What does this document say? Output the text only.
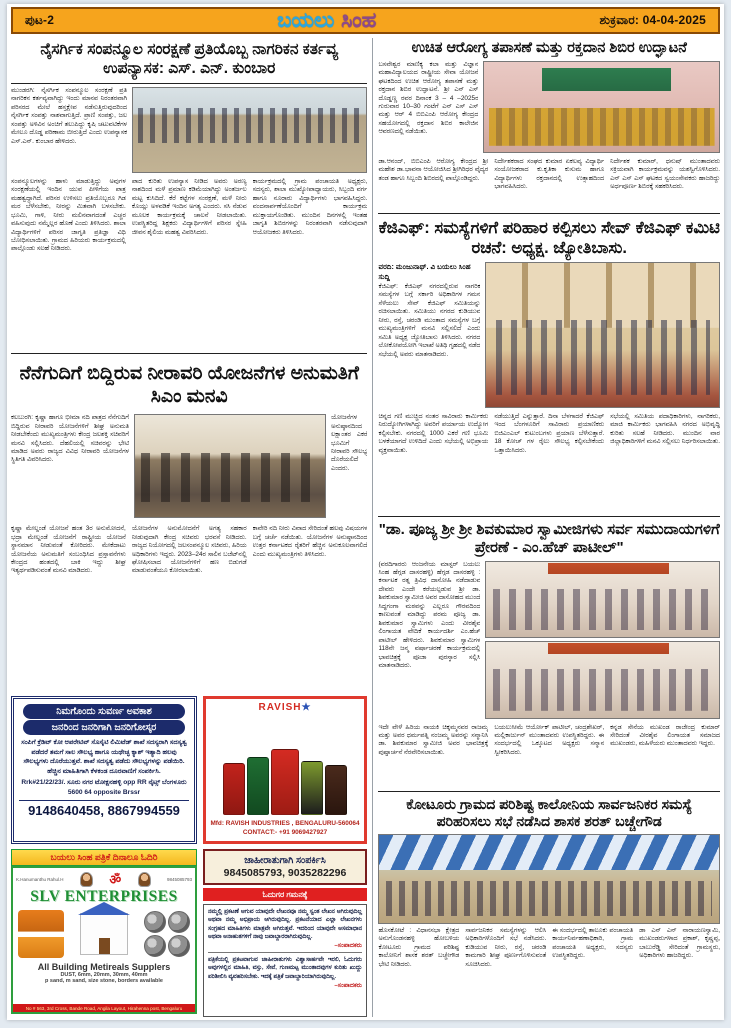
ಪುಟ-2	ಬಯಲು ಸಿಂಹ	ಶುಕ್ರವಾರ: 04-04-2025
ನೈಸರ್ಗಿಕ ಸಂಪನ್ಮೂಲ ಸಂರಕ್ಷಣೆ ಪ್ರತಿಯೊಬ್ಬ ನಾಗರಿಕನ ಕರ್ತವ್ಯ ಉಪನ್ಯಾಸಕ: ಎಸ್. ಎನ್. ಕುಂಬಾರ
ಮುಂಡರಗಿ: ನೈಸರ್ಗಿಕ ಸಂಪನ್ಮೂಲ ಸಂರಕ್ಷಣೆ ಪ್ರತಿ ನಾಗರಿಕನ ಕರ್ತವ್ಯವಾಗಿದ್ದು ಇಂದು ಮಾನವ ನಿರಂತರವಾಗಿ ಪರಿಸರದ ಮೇಲೆ ಹಸ್ತಕ್ಷೇಪ ನಡೆಸುತ್ತಿರುವುದರಿಂದ ನೈಸರ್ಗಿಕ ಸಂಪತ್ತು ನಾಶವಾಗುತ್ತಿದೆ. ಪ್ರಾಣಿ ಸಂಪತ್ತು, ಜಲ ಸಂಪತ್ತು ಅಳಿವಿನ ಅಂಚಿಗೆ ತಲುಪಿದ್ದು ಕೃಷಿ ಚಟುವಟಿಕೆಗಳ ಮೇಲೂ ದೊಡ್ಡ ಪರಿಣಾಮ ಬೀರುತ್ತಿದೆ ಎಂದು ಉಪನ್ಯಾಸಕ ಎಸ್.ಎನ್. ಕುಂಬಾರ ಹೇಳಿದರು.
ಸಂಪನ್ಮೂಲಗಳನ್ನು ಹಾಳು ಮಾಡುತ್ತಿದ್ದು ಅವುಗಳ ಸಂರಕ್ಷಣೆಯಲ್ಲಿ ಇಂದಿನ ಯುವ ಪೀಳಿಗೆಯ ಪಾತ್ರ ಮಹತ್ವದ್ದಾಗಿದೆ. ಪರಿಸರ ಉಳಿಸಲು ಪ್ರತಿಯೊಬ್ಬರೂ ಗಿಡ ಮರ ಬೆಳೆಸಬೇಕು, ನೀರನ್ನು ಮಿತವಾಗಿ ಬಳಸಬೇಕು. ಭೂಮಿ, ಗಾಳಿ, ನೀರು ಮಲಿನವಾಗದಂತೆ ಎಚ್ಚರ ವಹಿಸುವುದು ನಮ್ಮೆಲ್ಲರ ಹೊಣೆ ಎಂದು ತಿಳಿಸಿದರು. ಶಾಲಾ ವಿದ್ಯಾರ್ಥಿಗಳಿಗೆ ಪರಿಸರ ಜಾಗೃತಿ ಪ್ರತಿಜ್ಞಾ ವಿಧಿ ಬೋಧಿಸಲಾಯಿತು. ಗ್ರಾಮದ ಹಿರಿಯರು ಕಾರ್ಯಕ್ರಮದಲ್ಲಿ ಪಾಲ್ಗೊಂಡು ಸಲಹೆ ನೀಡಿದರು.
ಪಾದ ಕುರಿತು ಉಪನ್ಯಾಸ ನೀಡಿದ ಅವರು ಅರಣ್ಯ ನಾಶದಿಂದ ಮಳೆ ಪ್ರಮಾಣ ಕಡಿಮೆಯಾಗಿದ್ದು ಅಂತರ್ಜಲ ಮಟ್ಟ ಕುಸಿದಿದೆ. ಕೆರೆ ಕಟ್ಟೆಗಳ ಸಂರಕ್ಷಣೆ, ಮಳೆ ನೀರು ಕೊಯ್ಲು ಅಳವಡಿಕೆ ಇಂದಿನ ಅಗತ್ಯ ಎಂದರು. ಸಸಿ ನೆಡುವ ಮೂಲಕ ಕಾರ್ಯಕ್ರಮಕ್ಕೆ ಚಾಲನೆ ನೀಡಲಾಯಿತು. ಉಪಸ್ಥಿತರಿದ್ದ ಶಿಕ್ಷಕರು ವಿದ್ಯಾರ್ಥಿಗಳಿಗೆ ಪರಿಸರ ಸ್ನೇಹಿ ಜೀವನ ಶೈಲಿಯ ಮಹತ್ವ ವಿವರಿಸಿದರು.
ಕಾರ್ಯಕ್ರಮದಲ್ಲಿ ಗ್ರಾಮ ಪಂಚಾಯತಿ ಅಧ್ಯಕ್ಷರು, ಸದಸ್ಯರು, ಶಾಲಾ ಮುಖ್ಯೋಪಾಧ್ಯಾಯರು, ಸಿಬ್ಬಂದಿ ವರ್ಗ ಹಾಗೂ ನೂರಾರು ವಿದ್ಯಾರ್ಥಿಗಳು ಭಾಗವಹಿಸಿದ್ದರು. ವಂದನಾರ್ಪಣೆಯೊಂದಿಗೆ ಕಾರ್ಯಕ್ರಮ ಮುಕ್ತಾಯಗೊಂಡಿತು. ಮುಂದಿನ ದಿನಗಳಲ್ಲಿ ಇಂತಹ ಜಾಗೃತಿ ಶಿಬಿರಗಳನ್ನು ನಿರಂತರವಾಗಿ ನಡೆಸುವುದಾಗಿ ಆಯೋಜಕರು ತಿಳಿಸಿದರು.
ನೆನೆಗುದಿಗೆ ಬಿದ್ದಿರುವ ನೀರಾವರಿ ಯೋಜನೆಗಳ ಅನುಮತಿಗೆ ಸಿಎಂ ಮನವಿ
ಕಲಬುರಗಿ: ಕೃಷ್ಣಾ ಹಾಗೂ ಭೀಮಾ ನದಿ ಪಾತ್ರದ ನೆನೆಗುದಿಗೆ ಬಿದ್ದಿರುವ ನೀರಾವರಿ ಯೋಜನೆಗಳಿಗೆ ಶೀಘ್ರ ಅನುಮತಿ ನೀಡಬೇಕೆಂದು ಮುಖ್ಯಮಂತ್ರಿಗಳು ಕೇಂದ್ರ ಜಲಶಕ್ತಿ ಸಚಿವರಿಗೆ ಮನವಿ ಸಲ್ಲಿಸಿದರು. ದೆಹಲಿಯಲ್ಲಿ ಸಚಿವರನ್ನು ಭೇಟಿ ಮಾಡಿದ ಅವರು ರಾಜ್ಯದ ವಿವಿಧ ನೀರಾವರಿ ಯೋಜನೆಗಳ ಸ್ಥಿತಿಗತಿ ವಿವರಿಸಿದರು.
ಯೋಜನೆಗಳ ಅನುಷ್ಠಾನದಿಂದ ಲಕ್ಷಾಂತರ ಎಕರೆ ಭೂಮಿಗೆ ನೀರಾವರಿ ಸೌಲಭ್ಯ ದೊರೆಯಲಿದೆ ಎಂದರು.
ಕೃಷ್ಣಾ ಮೇಲ್ದಂಡೆ ಯೋಜನೆ ಹಂತ 3ರ ಅನುಮೋದನೆ, ಭದ್ರಾ ಮೇಲ್ದಂಡೆ ಯೋಜನೆಗೆ ರಾಷ್ಟ್ರೀಯ ಯೋಜನೆ ಸ್ಥಾನಮಾನ ನೀಡುವಂತೆ ಕೋರಿದರು. ಮೇಕೆದಾಟು ಯೋಜನೆಯ ಅನುಮತಿಗೆ ಸಂಬಂಧಿಸಿದ ಪ್ರಸ್ತಾವನೆಗಳು ಕೇಂದ್ರದ ಹಂತದಲ್ಲಿ ಬಾಕಿ ಇದ್ದು ಶೀಘ್ರ ಇತ್ಯರ್ಥಪಡಿಸುವಂತೆ ಮನವಿ ಮಾಡಿದರು.
ಯೋಜನೆಗಳ ಅನುಮೋದನೆಗೆ ಅಗತ್ಯ ಸಹಕಾರ ನೀಡುವುದಾಗಿ ಕೇಂದ್ರ ಸಚಿವರು ಭರವಸೆ ನೀಡಿದರು. ರಾಜ್ಯದ ನಿಯೋಗದಲ್ಲಿ ಜಲಸಂಪನ್ಮೂಲ ಸಚಿವರು, ಹಿರಿಯ ಅಧಿಕಾರಿಗಳು ಇದ್ದರು. 2023–24ರ ಸಾಲಿನ ಬಜೆಟ್‌ನಲ್ಲಿ ಘೋಷಿಸಲಾದ ಯೋಜನೆಗಳಿಗೆ ಹಣ ಬಿಡುಗಡೆ ಮಾಡುವಂತೆಯೂ ಕೋರಲಾಯಿತು.
ಕಾವೇರಿ ನದಿ ನೀರು ವಿವಾದ ಸೇರಿದಂತೆ ಹಲವು ವಿಷಯಗಳ ಬಗ್ಗೆ ಚರ್ಚೆ ನಡೆಯಿತು. ಯೋಜನೆಗಳ ಅನುಷ್ಠಾನದಿಂದ ಉತ್ತರ ಕರ್ನಾಟಕದ ರೈತರಿಗೆ ಹೆಚ್ಚಿನ ಅನುಕೂಲವಾಗಲಿದೆ ಎಂದು ಮುಖ್ಯಮಂತ್ರಿಗಳು ತಿಳಿಸಿದರು.
ನಿಮಗೊಂದು ಸುವರ್ಣ ಅವಕಾಶ
ಜನರಿಂದ ಜನರಿಗಾಗಿ ಜನರಿಗೋಸ್ಕರ
ಸಂಪಿಗೆ ಕ್ರೆಡಿಟ್ ಕೋ ಆಪರೇಟಿವ್ ಸೊಸೈಟಿ ಲಿಮಿಟೆಡ್ ಶಾಖೆ ಸದಸ್ಯರಾಗಿ ಸದಸ್ಯತ್ವ ಪಡೆದರೆ ತಮಗೆ ಸಾಲ ಸೌಲಭ್ಯ ಹಾಗೂ ಯಥೇಚ್ಛ ಕ್ಯಾಶ್ ಇತ್ಯಾದಿ ಹಲವು ಸೌಲಭ್ಯಗಳು ದೊರೆಯುತ್ತವೆ. ಶಾಖೆ ಸದಸ್ಯತ್ವ ಪಡೆದು ಸೌಲಭ್ಯಗಳನ್ನು ಪಡೆಯಿರಿ. ಹೆಚ್ಚಿನ ಮಾಹಿತಿಗಾಗಿ ಕೆಳಕಂಡ ದೂರವಾಣಿಗೆ ಸಂಪರ್ಕಿಸಿ.
Rrk#21/22/23/. ಸೂರು ನಗರ ಟೋಕ್ಷನಹಳ್ಳಿ opp RR ನೈಟ್ಸ್ ಬೆಂಗಳೂರು 5600 64 opposite Brssr
9148640458, 8867994559
RAVISH★
Mfd: RAVISH INDUSTRIES , BENGALURU-560064
CONTACT:- +91 9069427927
ಬಯಲು ಸಿಂಹ ಪತ್ರಿಕೆ ದಿನಾಲೂ ಓದಿರಿ
K.Hanumanthu Rahul.H	ॐ	9845085793
SLV ENTERPRISES
All Building Metireals Supplers
DUST, 6mm, 20mm, 30mm, 40mm
p sand, m sand, size stone, borders available
No # 563, 3rd Cross, Bande Road, Angila Layout, Hirahenna post, Bengaluru
ಜಾಹೀರಾತುಗಾಗಿ ಸಂಪರ್ಕಿಸಿ
9845085793, 9035282296
ಓದುಗರ ಗಮನಕ್ಕೆ

ನಮ್ಮಲ್ಲಿ ಪ್ರಕಟಣೆ ಆಗುವ ಯಾವುದೇ ಲೇಖನವೂ ನಮ್ಮ ಸ್ವಂತ ಲೇಖನ ಆಗಿರುವುದಿಲ್ಲ ಅಥವಾ ನಮ್ಮ ಅಭಿಪ್ರಾಯ ಆಗಿರುವುದಿಲ್ಲ. ಪ್ರಕಟನೆಯಾದ ಎಲ್ಲಾ ಲೇಖನಗಳು ಸಂಗ್ರಹದ ಮಾಹಿತಿಗಳು ಮಾತ್ರವೇ ಆಗಿರುತ್ತವೆ. ಇದರಿಂದ ಯಾವುದೇ ಅಸಮಾಧಾನ ಅಥವಾ ಅನಾಹುತಗಳಿಗೆ ನಾವು ಜವಾಬ್ದಾರರಾಗಿರುವುದಿಲ್ಲ.

–ಸಂಪಾದಕರು

ಪತ್ರಿಕೆಯಲ್ಲಿ ಪ್ರಕಟವಾಗುವ ಜಾಹೀರಾತುಗಳು ವಿಶ್ವಾಸಾರ್ಹವೇ ಇರಲಿ, ಓದುಗರು ಅವುಗಳಲ್ಲಿನ ಮಾಹಿತಿ, ವಸ್ತು, ಸೇವೆ, ಗುಣಮಟ್ಟ ಮುಂತಾದವುಗಳ ಕುರಿತು ಖುದ್ದು ಪರಿಶೀಲಿಸಿ ವ್ಯವಹರಿಸಬೇಕು. ಇದಕ್ಕೆ ಪತ್ರಿಕೆ ಜವಾಬ್ದಾರಿಯಾಗಿರುವುದಿಲ್ಲ.

–ಸಂಪಾದಕರು
ಉಚಿತ ಆರೋಗ್ಯ ತಪಾಸಣೆ ಮತ್ತು ರಕ್ತದಾನ ಶಿಬಿರ ಉದ್ಘಾಟನೆ
ಬಸವೇಶ್ವರ ಮಾಣಿಕ್ಯ ಕಲಾ ಮತ್ತು ವಿಜ್ಞಾನ ಮಹಾವಿದ್ಯಾಲಯದ ರಾಷ್ಟ್ರೀಯ ಸೇವಾ ಯೋಜನೆ ಘಟಕದಿಂದ ಉಚಿತ ಆರೋಗ್ಯ ತಪಾಸಣೆ ಮತ್ತು ರಕ್ತದಾನ ಶಿಬಿರ ಉದ್ಘಾಟನೆ. ಶ್ರೀ ಎನ್ ಎಸ್ ದೊಡ್ಡಣ್ಣ ರವರ ದಿನಾಂಕ 3 – 4 –2025ರ ಗುರುವಾರ 10–30 ಗಂಟೆಗೆ ಎನ್ ಎಸ್ ಎಸ್ ಮತ್ತು ಆರ್ 4 ಬಿಬಿಎಂಪಿ ಆರೋಗ್ಯ ಕೇಂದ್ರದ ಸಹಯೋಗದಲ್ಲಿ ರಕ್ತದಾನ ಶಿಬಿರ ಕಾಲೇಜಿನ ಆವರಣದಲ್ಲಿ ನಡೆಯಿತು.
ಡಾ.ಆನಂದ್, ಬಿಬಿಎಂಪಿ ಆರೋಗ್ಯ ಕೇಂದ್ರದ ಶ್ರೀ ಮಹೇಶ ಡಾ.ಭಾವನಾ ಆಯೋಜಿಸಿದ ಶ್ರೀಗಿರಿಧರ ವೈದ್ಯರ ತಂಡ ಹಾಗೂ ಸಿಬ್ಬಂದಿ ಶಿಬಿರದಲ್ಲಿ ಪಾಲ್ಗೊಂಡಿದ್ದರು.
ನಿರ್ದೇಶಕರಾದ ಸಂಘದ ಕುಮಾರ ಏಕಲವ್ಯ ವಿದ್ಯಾರ್ಥಿ ಸಂಯೋಜಕರಾದ ಕು.ಕೃತಿಕಾ ಕುಸುಮ ಹಾಗೂ ವಿದ್ಯಾರ್ಥಿಗಳು ರಕ್ತದಾನದಲ್ಲಿ ಉತ್ಸಾಹದಿಂದ ಭಾಗವಹಿಸಿದರು.
ನಿರ್ದೇಶಕ ಕುಮಾರ್, ಧನುಷ್ ಮುಂತಾದವರು ಸಕ್ರಿಯವಾಗಿ ಕಾರ್ಯಕ್ರಮವನ್ನು ಯಶಸ್ವಿಗೊಳಿಸಿದರು. ಎನ್ ಎಸ್ ಎಸ್ ಘಟಕದ ಸ್ವಯಂಸೇವಕರು ಹಾಜರಿದ್ದು ಅರ್ಧಪೂರ್ಣ ಶಿಬಿರಕ್ಕೆ ಸಹಕರಿಸಿದರು.
ಕೆಜಿಎಫ್: ಸಮಸ್ಯೆಗಳಿಗೆ ಪರಿಹಾರ ಕಲ್ಪಿಸಲು ಸೇವ್ ಕೆಜಿಎಫ್ ಕಮಿಟಿ ರಚನೆ: ಅಧ್ಯಕ್ಷ. ಜ್ಯೋತಿಬಾಸು.
ವರದಿ: ಮಂಜುನಾಥ್. ವಿ ಬಯಲು ಸಿಂಹ ಸುದ್ದಿ
ಕೆಜಿಎಫ್: ಕೆಜಿಎಫ್ ನಗರದಲ್ಲಿರುವ ನಾಗರಿಕ ಸಮಸ್ಯೆಗಳ ಬಗ್ಗೆ ಸರ್ಕಾರಿ ಅಧಿಕಾರಿಗಳ ಗಮನ ಸೆಳೆಯಲು ಸೇವ್ ಕೆಜಿಎಫ್ ಸಮಿತಿಯನ್ನು ರಚಿಸಲಾಯಿತು. ಸಮಿತಿಯು ನಗರದ ಕುಡಿಯುವ ನೀರು, ರಸ್ತೆ, ಚರಂಡಿ ಮುಂತಾದ ಸಮಸ್ಯೆಗಳ ಬಗ್ಗೆ ಮುಖ್ಯಮಂತ್ರಿಗಳಿಗೆ ಮನವಿ ಸಲ್ಲಿಸಲಿದೆ ಎಂದು ಸಮಿತಿ ಅಧ್ಯಕ್ಷ ಜ್ಯೋತಿಬಾಸು ತಿಳಿಸಿದರು. ನಗರದ ಲೋಕೋಪಯೋಗಿ ಇಲಾಖೆ ಅತಿಥಿ ಗೃಹದಲ್ಲಿ ನಡೆದ ಸಭೆಯಲ್ಲಿ ಅವರು ಮಾತನಾಡಿದರು.
ಚಿನ್ನದ ಗಣಿ ಮುಚ್ಚಿದ ನಂತರ ಸಾವಿರಾರು ಕಾರ್ಮಿಕರು ನಿರುದ್ಯೋಗಿಗಳಾಗಿದ್ದು ಅವರಿಗೆ ಪರ್ಯಾಯ ಉದ್ಯೋಗ ಕಲ್ಪಿಸಬೇಕು. ನಗರದಲ್ಲಿ 1000 ಎಕರೆ ಗಣಿ ಭೂಮಿ ಬಳಕೆಯಾಗದೆ ಉಳಿದಿದೆ ಎಂದು ಸಭೆಯಲ್ಲಿ ಅಭಿಪ್ರಾಯ ವ್ಯಕ್ತವಾಯಿತು.
ನಡೆಯುತ್ತಿದೆ ಎನ್ನುತ್ತಾರೆ. ದಿನಾ ಬೆಳಗಾದರೆ ಕೆಜಿಎಫ್ ಇಂದ ಬೆಂಗಳೂರಿಗೆ ಸಾವಿರಾರು ಪ್ರಯಾಣಿಕರು ಬಿಜಿಎಂಎಲ್ ಕುಟುಂಬಗಳು ಪ್ರಯಾಣ ಬೆಳೆಸುತ್ತಾರೆ. 18 ಕೋಚ್ ಗಳ ರೈಲು ಸೌಲಭ್ಯ ಕಲ್ಪಿಸಬೇಕೆಂದು ಒತ್ತಾಯಿಸಿದರು.
ಸಭೆಯಲ್ಲಿ ಸಮಿತಿಯ ಪದಾಧಿಕಾರಿಗಳು, ನಾಗರಿಕರು, ಮಾಜಿ ಕಾರ್ಮಿಕರು ಭಾಗವಹಿಸಿ ನಗರದ ಅಭಿವೃದ್ಧಿ ಕುರಿತು ಸಲಹೆ ನೀಡಿದರು. ಮುಂದಿನ ವಾರ ಜಿಲ್ಲಾಧಿಕಾರಿಗಳಿಗೆ ಮನವಿ ಸಲ್ಲಿಸಲು ನಿರ್ಧರಿಸಲಾಯಿತು.
"ಡಾ. ಪೂಜ್ಯ ಶ್ರೀ ಶ್ರೀ ಶಿವಕುಮಾರ ಸ್ವಾಮೀಜಿಗಳು ಸರ್ವ ಸಮುದಾಯಗಳಿಗೆ ಪ್ರೇರಣೆ - ಎಂ.ಹೆಚ್ ಪಾಟೀಲ್"
(ವರದಿಗಾರರು ಆಂಜನೇಯ ಮಾಸ್ಟರ್ ಬಯಲು ಸಿಂಹ ಹೆಗ್ಗಡ ದಾಸರಹಳ್ಳಿ) ಹೆಗ್ಗಡ ದಾಸರಹಳ್ಳಿ : ಕರ್ನಾಟಕ ರತ್ನ ತ್ರಿವಿಧ ದಾಸೋಹಿ ನಡೆದಾಡುವ ದೇವರು ಎಂದೇ ಕರೆಯಲ್ಪಡುವ ಶ್ರೀ ಡಾ. ಶಿವಕುಮಾರ ಸ್ವಾಮೀಜಿ ಅವರ ದಾಸೋಹದ ಮುಂದೆ ಸಿದ್ಧಗಂಗಾ ಮಠವನ್ನು ಎಲ್ಲರೂ ಗೌರವದಿಂದ ಕಾಣುವಂತೆ ಮಾಡಿದ್ದು ಪರಮ ಪೂಜ್ಯ ಡಾ. ಶಿವಕುಮಾರ ಸ್ವಾಮಿಗಳು ಎಂದು ವೀರಶೈವ ಲಿಂಗಾಯತ ವೇದಿಕೆ ಕಾರ್ಯದರ್ಶಿ ಎಂ.ಹೆಚ್ ಪಾಟೀಲ್ ಹೇಳಿದರು. ಶಿವಕುಮಾರ ಸ್ವಾಮಿಗಳ 118ನೇ ಜನ್ಮ ವರ್ಷಾಚರಣೆ ಕಾರ್ಯಕ್ರಮದಲ್ಲಿ ಭಾವಚಿತ್ರಕ್ಕೆ ಪೂಜಾ ಪುರಸ್ಕಾರ ಸಲ್ಲಿಸಿ ಮಾತನಾಡಿದರು.
ಇದೇ ವೇಳೆ ಹಿರಿಯ ನಾಯಕಿ ಚಿಕ್ಕಮ್ಮನವರ ರಾಜಮ್ಮ ಮತ್ತು ಅವರ ಧರ್ಮಪತ್ನಿ ನಂಜಮ್ಮ ಅವರನ್ನು ಸನ್ಮಾನಿಸಿ ಡಾ. ಶಿವಕುಮಾರ ಸ್ವಾಮೀಜಿ ಅವರ ಭಾವಚಿತ್ರಕ್ಕೆ ಪುಷ್ಪಾರ್ಚನೆ ನೆರವೇರಿಸಲಾಯಿತು.
ಬಯಲುಸೀಮೆ ಆರ್ಯೋಕ್ ಪಾಟೀಲ್, ಚಂದ್ರಶೇಖರ್, ಮಲ್ಲಿಕಾರ್ಜುನ್ ಮುಂತಾದವರು ಉಪಸ್ಥಿತರಿದ್ದರು. ಈ ಸಂದರ್ಭದಲ್ಲಿ ಒಕ್ಕೂಟದ ಅಧ್ಯಕ್ಷರು ಸನ್ಮಾನ ಸ್ವೀಕರಿಸಿದರು.
ಕನ್ನಡ ಸೇನೆಯ ಮುಖಂಡ ರಾಜೇಂದ್ರ ಕುಮಾರ್ ಸೇರಿದಂತೆ ವೀರಶೈವ ಲಿಂಗಾಯತ ಸಮಾಜದ ಮುಖಂಡರು, ಮಹಿಳೆಯರು ಮುಂತಾದವರು ಇದ್ದರು.
ಕೋಟೂರು ಗ್ರಾಮದ ಪರಿಶಿಷ್ಟ ಕಾಲೋನಿಯ ಸಾರ್ವಜನಿಕರ ಸಮಸ್ಯೆ ಪರಿಹರಿಸಲು ಸಭೆ ನಡೆಸಿದ ಶಾಸಕ ಶರತ್ ಬಚ್ಚೇಗೌಡ
ಹೊಸಕೋಟೆ : ವಿಧಾನಸಭಾ ಕ್ಷೇತ್ರದ ಅನುಗೊಂಡನಹಳ್ಳಿ ಹೋಬಳಿಯ ಕೋಟೂರು ಗ್ರಾಮದ ಪರಿಶಿಷ್ಟ ಕಾಲೋನಿಗೆ ಶಾಸಕ ಶರತ್ ಬಚ್ಚೇಗೌಡ ಭೇಟಿ ನೀಡಿದರು.
ಸಾರ್ವಜನಿಕರ ಸಮಸ್ಯೆಗಳನ್ನು ಆಲಿಸಿ ಅಧಿಕಾರಿಗಳೊಂದಿಗೆ ಸಭೆ ನಡೆಸಿದರು. ಕುಡಿಯುವ ನೀರು, ರಸ್ತೆ, ಚರಂಡಿ ಕಾಮಗಾರಿ ಶೀಘ್ರ ಪೂರ್ಣಗೊಳಿಸುವಂತೆ ಸೂಚಿಸಿದರು.
ಈ ಸಂದರ್ಭದಲ್ಲಿ ತಾಲೂಕು ಪಂಚಾಯತಿ ಕಾರ್ಯನಿರ್ವಹಣಾಧಿಕಾರಿ, ಗ್ರಾಮ ಪಂಚಾಯತಿ ಅಧ್ಯಕ್ಷರು, ಸದಸ್ಯರು ಉಪಸ್ಥಿತರಿದ್ದರು.
ಡಾ ಎನ್ ಎನ್ ನಾರಾಯಣಸ್ವಾಮಿ, ಮುಖಂಡರುಗಳಾದ ಪ್ರಕಾಶ್, ಕೃಷ್ಣಪ್ಪ, ಬಾಬುರೆಡ್ಡಿ ಸೇರಿದಂತೆ ಗ್ರಾಮಸ್ಥರು, ಅಧಿಕಾರಿಗಳು ಹಾಜರಿದ್ದರು.
